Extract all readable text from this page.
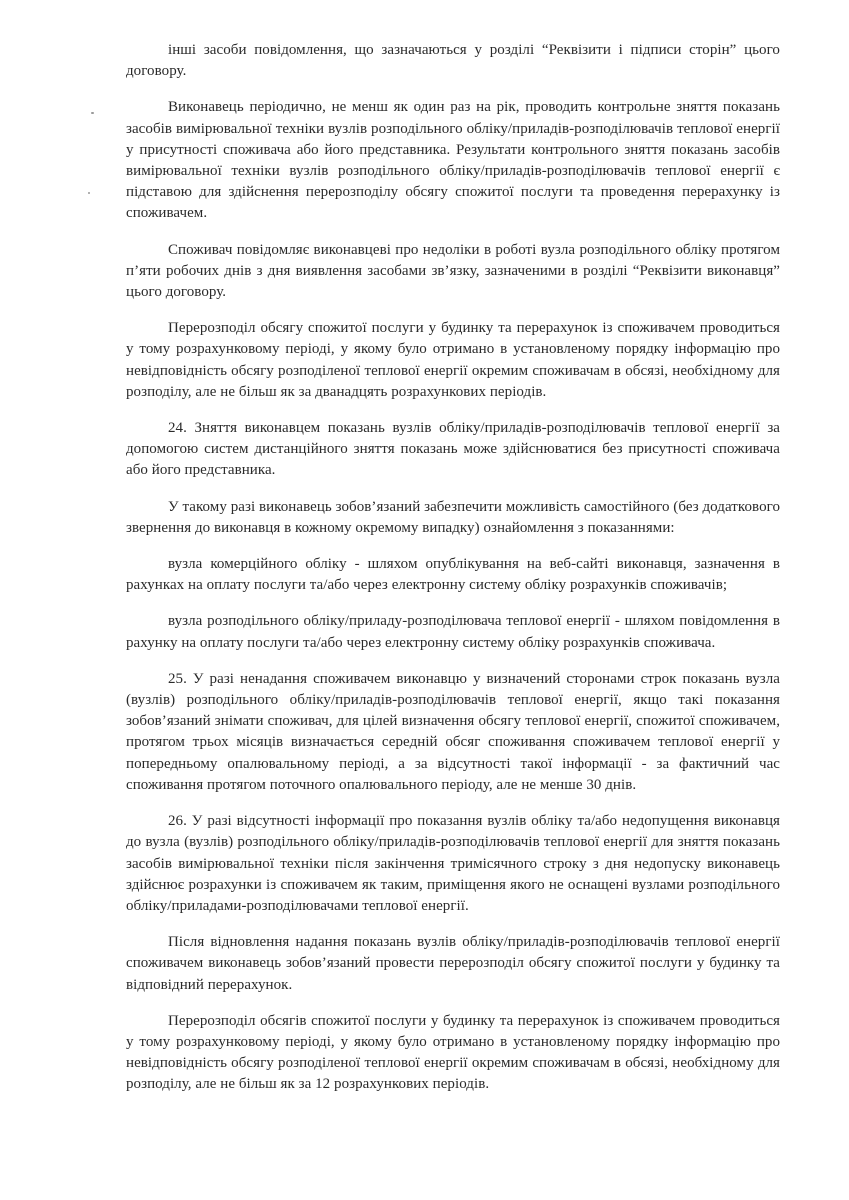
інші засоби повідомлення, що зазначаються у розділі “Реквізити і підписи сторін” цього договору.

Виконавець періодично, не менш як один раз на рік, проводить контрольне зняття показань засобів вимірювальної техніки вузлів розподільного обліку/приладів-розподілювачів теплової енергії у присутності споживача або його представника. Результати контрольного зняття показань засобів вимірювальної техніки вузлів розподільного обліку/приладів-розподілювачів теплової енергії є підставою для здійснення перерозподілу обсягу спожитої послуги та проведення перерахунку із споживачем.

Споживач повідомляє виконавцеві про недоліки в роботі вузла розподільного обліку протягом п’яти робочих днів з дня виявлення засобами зв’язку, зазначеними в розділі “Реквізити виконавця” цього договору.

Перерозподіл обсягу спожитої послуги у будинку та перерахунок із споживачем проводиться у тому розрахунковому періоді, у якому було отримано в установленому порядку інформацію про невідповідність обсягу розподіленої теплової енергії окремим споживачам в обсязі, необхідному для розподілу, але не більш як за дванадцять розрахункових періодів.

24. Зняття виконавцем показань вузлів обліку/приладів-розподілювачів теплової енергії за допомогою систем дистанційного зняття показань може здійснюватися без присутності споживача або його представника.

У такому разі виконавець зобов’язаний забезпечити можливість самостійного (без додаткового звернення до виконавця в кожному окремому випадку) ознайомлення з показаннями:

вузла комерційного обліку - шляхом опублікування на веб-сайті виконавця, зазначення в рахунках на оплату послуги та/або через електронну систему обліку розрахунків споживачів;

вузла розподільного обліку/приладу-розподілювача теплової енергії - шляхом повідомлення в рахунку на оплату послуги та/або через електронну систему обліку розрахунків споживача.

25. У разі ненадання споживачем виконавцю у визначений сторонами строк показань вузла (вузлів) розподільного обліку/приладів-розподілювачів теплової енергії, якщо такі показання зобов’язаний знімати споживач, для цілей визначення обсягу теплової енергії, спожитої споживачем, протягом трьох місяців визначається середній обсяг споживання споживачем теплової енергії у попередньому опалювальному періоді, а за відсутності такої інформації - за фактичний час споживання протягом поточного опалювального періоду, але не менше 30 днів.

26. У разі відсутності інформації про показання вузлів обліку та/або недопущення виконавця до вузла (вузлів) розподільного обліку/приладів-розподілювачів теплової енергії для зняття показань засобів вимірювальної техніки після закінчення тримісячного строку з дня недопуску виконавець здійснює розрахунки із споживачем як таким, приміщення якого не оснащені вузлами розподільного обліку/приладами-розподілювачами теплової енергії.

Після відновлення надання показань вузлів обліку/приладів-розподілювачів теплової енергії споживачем виконавець зобов’язаний провести перерозподіл обсягу спожитої послуги у будинку та відповідний перерахунок.

Перерозподіл обсягів спожитої послуги у будинку та перерахунок із споживачем проводиться у тому розрахунковому періоді, у якому було отримано в установленому порядку інформацію про невідповідність обсягу розподіленої теплової енергії окремим споживачам в обсязі, необхідному для розподілу, але не більш як за 12 розрахункових періодів.
